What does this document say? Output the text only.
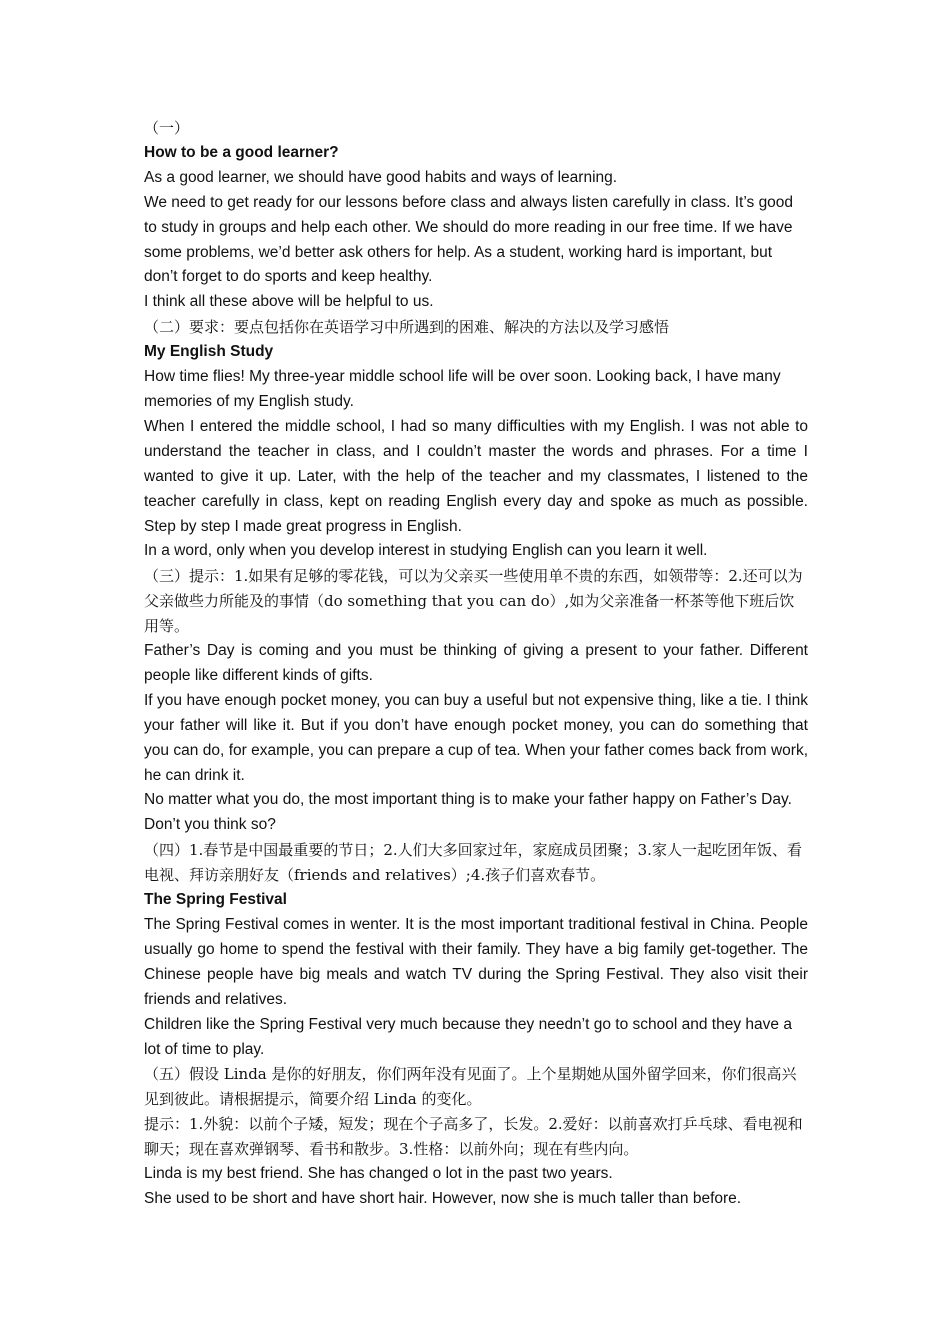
（一）

How to be a good learner?

As a good learner, we should have good habits and ways of learning.

We need to get ready for our lessons before class and always listen carefully in class. It’s good to study in groups and help each other. We should do more reading in our free time. If we have some problems, we’d better ask others for help. As a student, working hard is important, but don’t forget to do sports and keep healthy.

I think all these above will be helpful to us.

（二）要求：要点包括你在英语学习中所遇到的困难、解决的方法以及学习感悟

My English Study

How time flies! My three-year middle school life will be over soon. Looking back, I have many memories of my English study.

When I entered the middle school, I had so many difficulties with my English. I was not able to understand the teacher in class, and I couldn’t master the words and phrases. For a time I wanted to give it up. Later, with the help of the teacher and my classmates, I listened to the teacher carefully in class, kept on reading English every day and spoke as much as possible. Step by step I made great progress in English.

In a word, only when you develop interest in studying English can you learn it well.

（三）提示：1.如果有足够的零花钱，可以为父亲买一些使用单不贵的东西，如领带等：2.还可以为父亲做些力所能及的事情（do something that you can do）,如为父亲准备一杯茶等他下班后饮用等。

Father’s Day is coming and you must be thinking of giving a present to your father. Different people like different kinds of gifts.

If you have enough pocket money, you can buy a useful but not expensive thing, like a tie. I think your father will like it. But if you don’t have enough pocket money, you can do something that you can do, for example, you can prepare a cup of tea. When your father comes back from work, he can drink it.

No matter what you do, the most important thing is to make your father happy on Father’s Day. Don’t you think so?

（四）1.春节是中国最重要的节日；2.人们大多回家过年，家庭成员团聚；3.家人一起吃团年饭、看电视、拜访亲朋好友（friends and relatives）;4.孩子们喜欢春节。

The Spring Festival

The Spring Festival comes in wenter. It is the most important traditional festival in China. People usually go home to spend the festival with their family. They have a big family get-together. The Chinese people have big meals and watch TV during the Spring Festival. They also visit their friends and relatives.

Children like the Spring Festival very much because they needn’t go to school and they have a lot of time to play.

（五）假设 Linda 是你的好朋友，你们两年没有见面了。上个星期她从国外留学回来，你们很高兴见到彼此。请根据提示，简要介绍 Linda 的变化。

提示：1.外貌：以前个子矮，短发；现在个子高多了，长发。2.爱好：以前喜欢打乒乓球、看电视和聊天；现在喜欢弹钢琴、看书和散步。3.性格：以前外向；现在有些内向。

Linda is my best friend. She has changed o lot in the past two years.

She used to be short and have short hair. However, now she is much taller than before.
